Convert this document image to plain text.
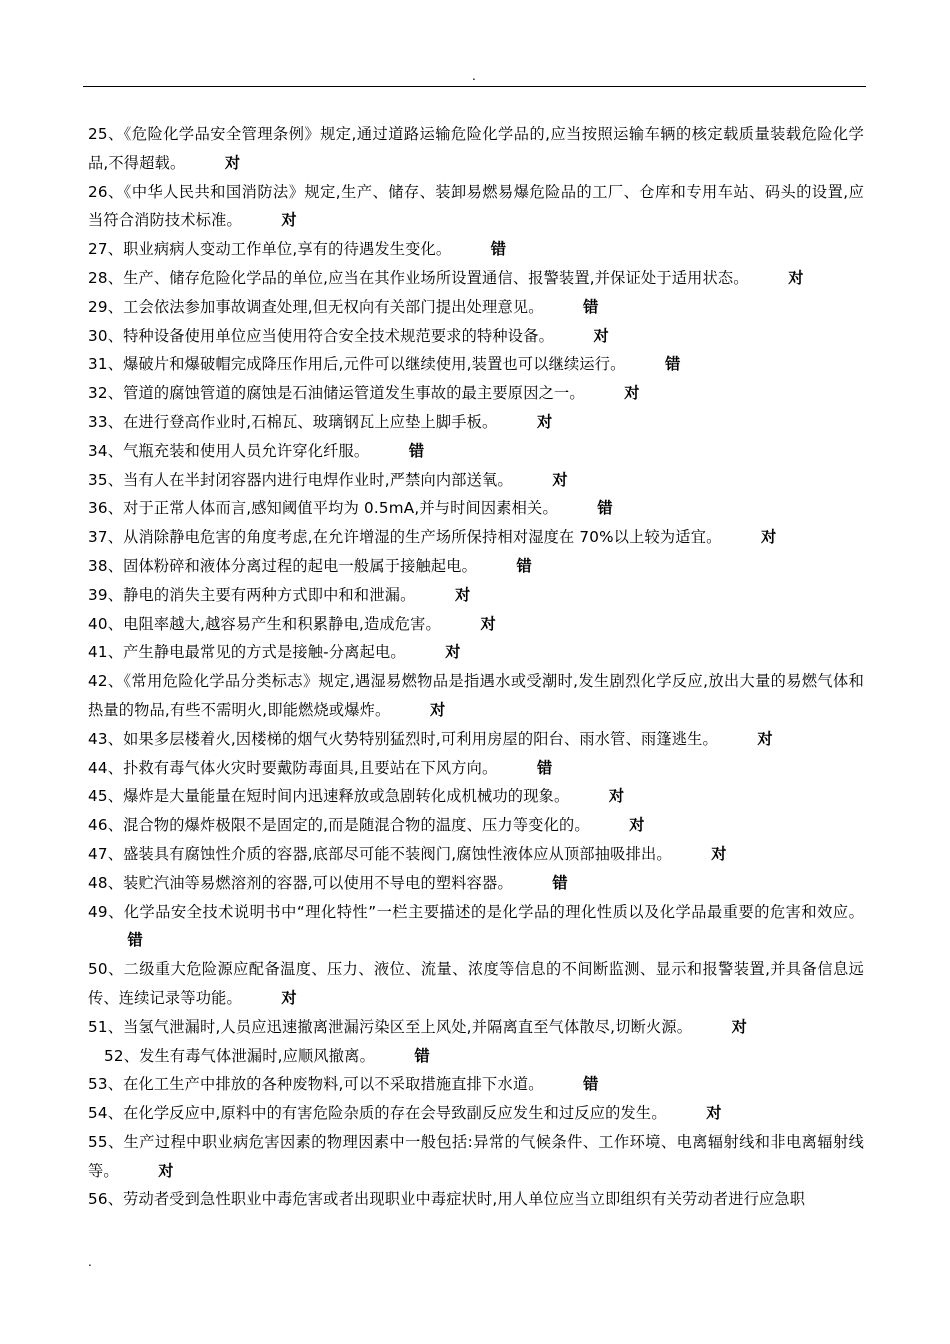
.

25、《危险化学品安全管理条例》规定,通过道路运输危险化学品的,应当按照运输车辆的核定载质量装载危险化学品,不得超载。	对

26、《中华人民共和国消防法》规定,生产、储存、装卸易燃易爆危险品的工厂、仓库和专用车站、码头的设置,应当符合消防技术标准。	对

27、职业病病人变动工作单位,享有的待遇发生变化。	错

28、生产、储存危险化学品的单位,应当在其作业场所设置通信、报警装置,并保证处于适用状态。	对

29、工会依法参加事故调查处理,但无权向有关部门提出处理意见。	错

30、特种设备使用单位应当使用符合安全技术规范要求的特种设备。	对

31、爆破片和爆破帽完成降压作用后,元件可以继续使用,装置也可以继续运行。	错

32、管道的腐蚀管道的腐蚀是石油储运管道发生事故的最主要原因之一。	对

33、在进行登高作业时,石棉瓦、玻璃钢瓦上应垫上脚手板。	对

34、气瓶充装和使用人员允许穿化纤服。	错

35、当有人在半封闭容器内进行电焊作业时,严禁向内部送氧。	对

36、对于正常人体而言,感知阈值平均为 0.5mA,并与时间因素相关。	错

37、从消除静电危害的角度考虑,在允许增湿的生产场所保持相对湿度在 70%以上较为适宜。	对

38、固体粉碎和液体分离过程的起电一般属于接触起电。	错

39、静电的消失主要有两种方式即中和和泄漏。	对

40、电阻率越大,越容易产生和积累静电,造成危害。	对

41、产生静电最常见的方式是接触-分离起电。	对

42、《常用危险化学品分类标志》规定,遇湿易燃物品是指遇水或受潮时,发生剧烈化学反应,放出大量的易燃气体和热量的物品,有些不需明火,即能燃烧或爆炸。	对

43、如果多层楼着火,因楼梯的烟气火势特别猛烈时,可利用房屋的阳台、雨水管、雨篷逃生。	对

44、扑救有毒气体火灾时要戴防毒面具,且要站在下风方向。	错

45、爆炸是大量能量在短时间内迅速释放或急剧转化成机械功的现象。	对

46、混合物的爆炸极限不是固定的,而是随混合物的温度、压力等变化的。	对

47、盛装具有腐蚀性介质的容器,底部尽可能不装阀门,腐蚀性液体应从顶部抽吸排出。	对

48、装贮汽油等易燃溶剂的容器,可以使用不导电的塑料容器。	错

49、化学品安全技术说明书中“理化特性”一栏主要描述的是化学品的理化性质以及化学品最重要的危害和效应。错

50、二级重大危险源应配备温度、压力、液位、流量、浓度等信息的不间断监测、显示和报警装置,并具备信息远传、连续记录等功能。	对

51、当氢气泄漏时,人员应迅速撤离泄漏污染区至上风处,并隔离直至气体散尽,切断火源。	对

52、发生有毒气体泄漏时,应顺风撤离。	错

53、在化工生产中排放的各种废物料,可以不采取措施直排下水道。	错

54、在化学反应中,原料中的有害危险杂质的存在会导致副反应发生和过反应的发生。	对

55、生产过程中职业病危害因素的物理因素中一般包括:异常的气候条件、工作环境、电离辐射线和非电离辐射线等。	对

56、劳动者受到急性职业中毒危害或者出现职业中毒症状时,用人单位应当立即组织有关劳动者进行应急职

.
